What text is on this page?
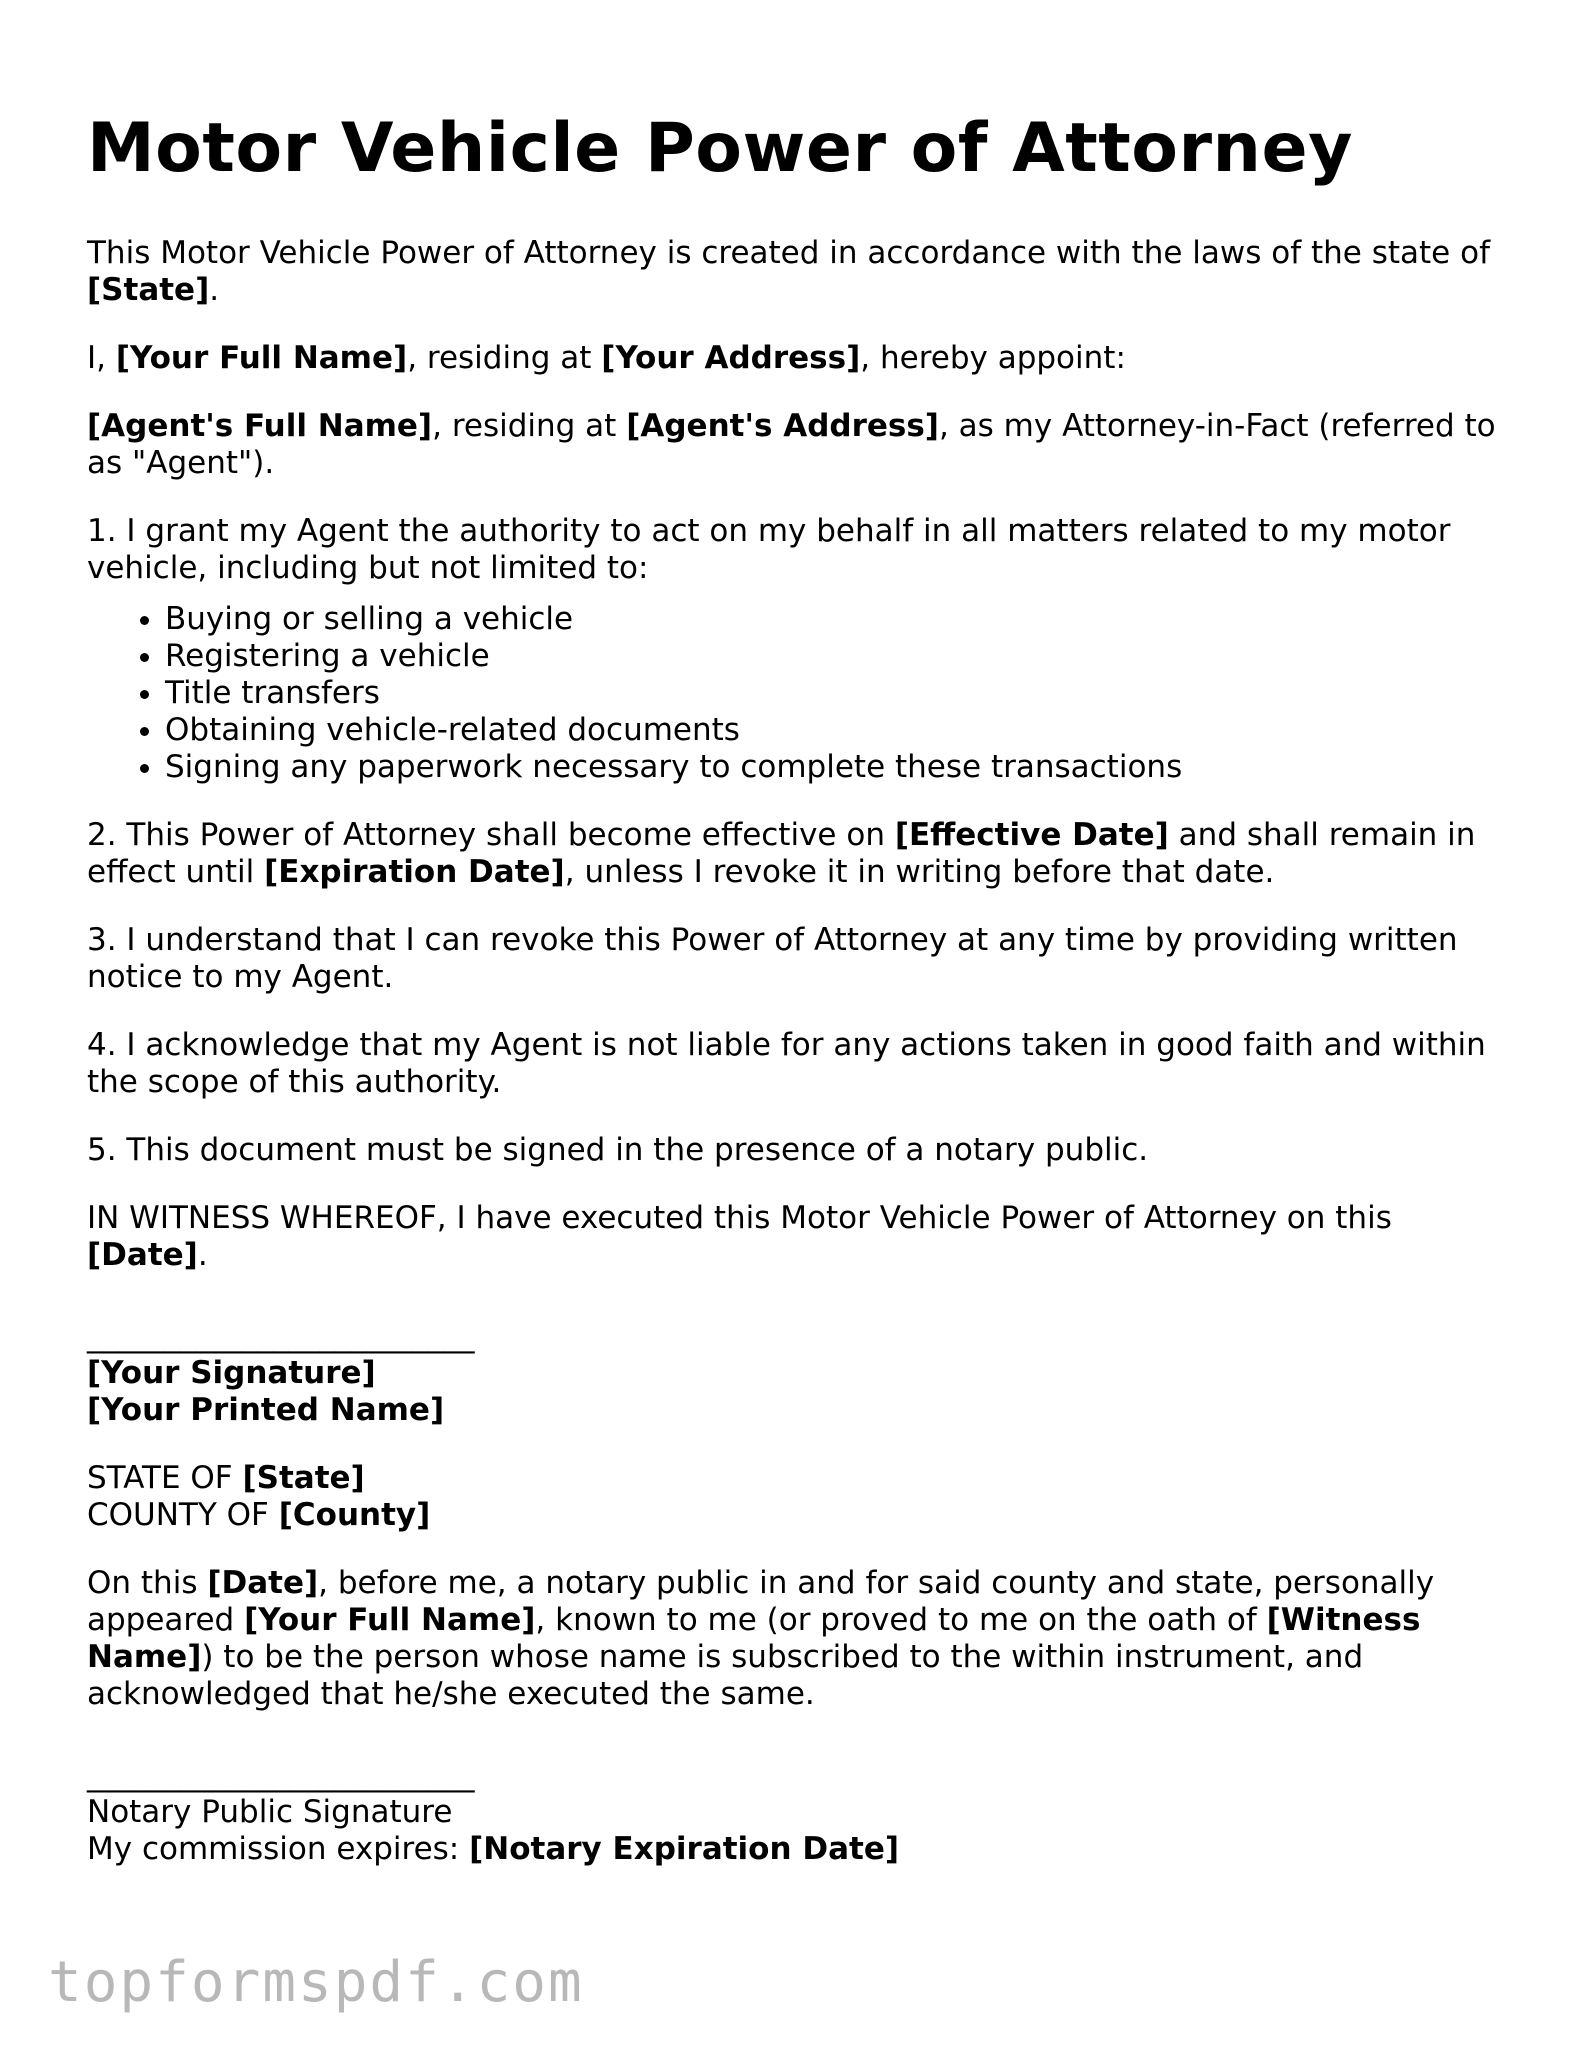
Motor Vehicle Power of Attorney

This Motor Vehicle Power of Attorney is created in accordance with the laws of the state of [State].

I, [Your Full Name], residing at [Your Address], hereby appoint:

[Agent's Full Name], residing at [Agent's Address], as my Attorney-in-Fact (referred to as "Agent").

1. I grant my Agent the authority to act on my behalf in all matters related to my motor vehicle, including but not limited to:

• Buying or selling a vehicle
• Registering a vehicle
• Title transfers
• Obtaining vehicle-related documents
• Signing any paperwork necessary to complete these transactions

2. This Power of Attorney shall become effective on [Effective Date] and shall remain in effect until [Expiration Date], unless I revoke it in writing before that date.

3. I understand that I can revoke this Power of Attorney at any time by providing written notice to my Agent.

4. I acknowledge that my Agent is not liable for any actions taken in good faith and within the scope of this authority.

5. This document must be signed in the presence of a notary public.

IN WITNESS WHEREOF, I have executed this Motor Vehicle Power of Attorney on this [Date].

_________________________
[Your Signature]
[Your Printed Name]

STATE OF [State]
COUNTY OF [County]

On this [Date], before me, a notary public in and for said county and state, personally appeared [Your Full Name], known to me (or proved to me on the oath of [Witness Name]) to be the person whose name is subscribed to the within instrument, and acknowledged that he/she executed the same.

_________________________
Notary Public Signature
My commission expires: [Notary Expiration Date]
topformspdf.com
